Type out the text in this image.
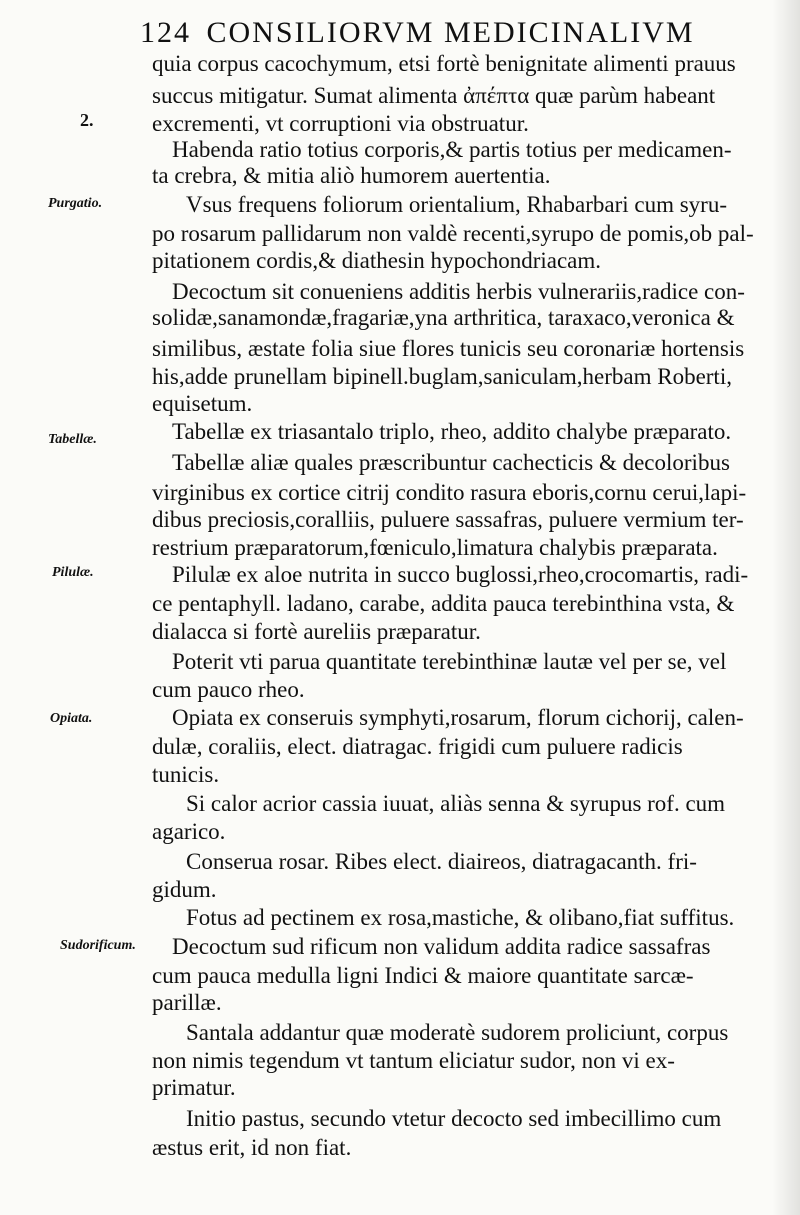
124 CONSILIORVM MEDICINALIVM
2.
Purgatio.
Tabellæ.
Pilulæ.
Opiata.
Sudorificum.
quia corpus cacochymum, etsi fortè benignitate alimenti prauus
succus mitigatur. Sumat alimenta ἀπέπτα quæ parùm habeant
excrementi, vt corruptioni via obstruatur.
Habenda ratio totius corporis,& partis totius per medicamen-
ta crebra, & mitia aliò humorem auertentia.
Vsus frequens foliorum orientalium, Rhabarbari cum syru-
po rosarum pallidarum non valdè recenti,syrupo de pomis,ob pal-
pitationem cordis,& diathesin hypochondriacam.
Decoctum sit conueniens additis herbis vulnerariis,radice con-
solidæ,sanamondæ,fragariæ,yna arthritica, taraxaco,veronica &
similibus, æstate folia siue flores tunicis seu coronariæ hortensis
his,adde prunellam bipinell.buglam,saniculam,herbam Roberti,
equisetum.
Tabellæ ex triasantalo triplo, rheo, addito chalybe præparato.
Tabellæ aliæ quales præscribuntur cachecticis & decoloribus
virginibus ex cortice citrij condito rasura eboris,cornu cerui,lapi-
dibus preciosis,coralliis, puluere sassafras, puluere vermium ter-
restrium præparatorum,fœniculo,limatura chalybis præparata.
Pilulæ ex aloe nutrita in succo buglossi,rheo,crocomartis, radi-
ce pentaphyll. ladano, carabe, addita pauca terebinthina vsta, &
dialacca si fortè aureliis præparatur.
Poterit vti parua quantitate terebinthinæ lautæ vel per se, vel
cum pauco rheo.
Opiata ex conseruis symphyti,rosarum, florum cichorij, calen-
dulæ, coraliis, elect. diatragac. frigidi cum puluere radicis
tunicis.
Si calor acrior cassia iuuat, aliàs senna & syrupus rof. cum
agarico.
Conserua rosar. Ribes elect. diaireos, diatragacanth. fri-
gidum.
Fotus ad pectinem ex rosa,mastiche, & olibano,fiat suffitus.
Decoctum sud rificum non validum addita radice sassafras
cum pauca medulla ligni Indici & maiore quantitate sarcæ-
parillæ.
Santala addantur quæ moderatè sudorem proliciunt, corpus
non nimis tegendum vt tantum eliciatur sudor, non vi ex-
primatur.
Initio pastus, secundo vtetur decocto sed imbecillimo cum
æstus erit, id non fiat.
